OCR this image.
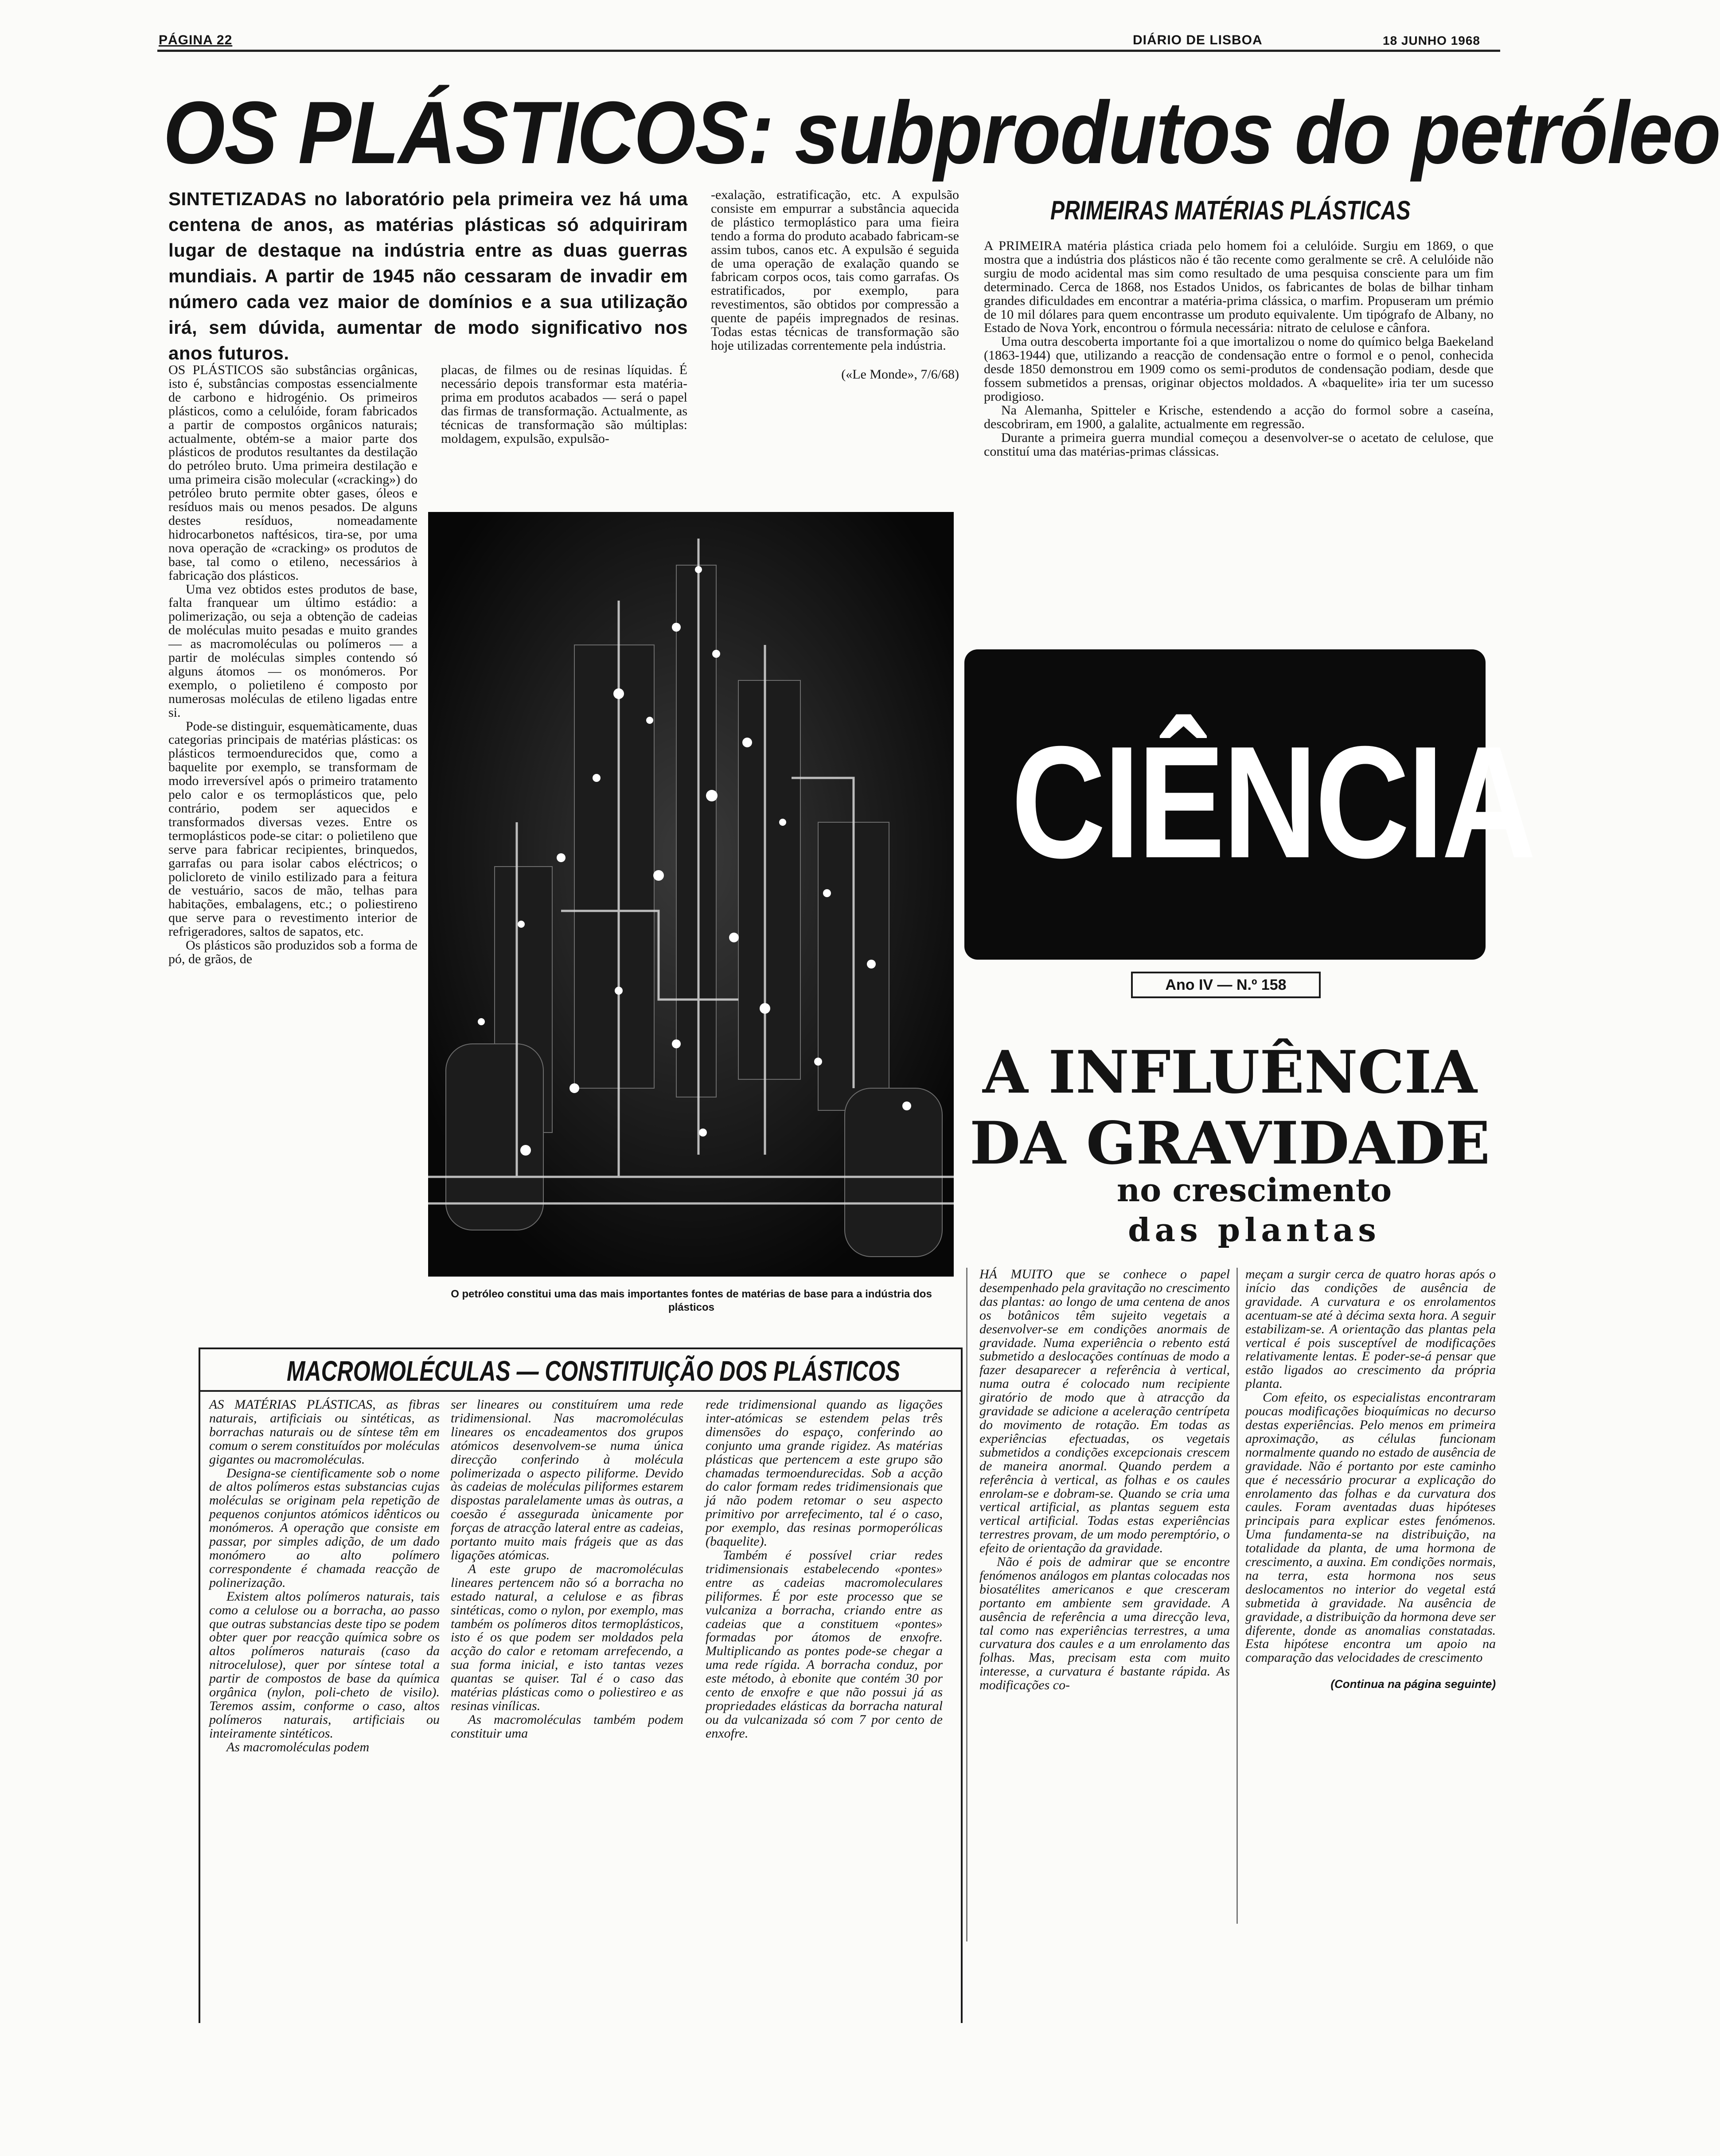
PÁGINA 22	DIÁRIO DE LISBOA	18 JUNHO 1968
OS PLÁSTICOS: subprodutos do petróleo
SINTETIZADAS no laboratório pela primeira vez há uma centena de anos, as matérias plásticas só adquiriram lugar de destaque na indústria entre as duas guerras mundiais. A partir de 1945 não cessaram de invadir em número cada vez maior de domínios e a sua utilização irá, sem dúvida, aumentar de modo significativo nos anos futuros.

OS PLÁSTICOS são substâncias orgânicas, isto é, substâncias compostas essencialmente de carbono e hidrogénio. Os primeiros plásticos, como a celulóide, foram fabricados a partir de compostos orgânicos naturais; actualmente, obtém-se a maior parte dos plásticos de produtos resultantes da destilação do petróleo bruto. Uma primeira destilação e uma primeira cisão molecular («cracking») do petróleo bruto permite obter gases, óleos e resíduos mais ou menos pesados. De alguns destes resíduos, nomeadamente hidrocarbonetos naftésicos, tira-se, por uma nova operação de «cracking» os produtos de base, tal como o etileno, necessários à fabricação dos plásticos.

Uma vez obtidos estes produtos de base, falta franquear um último estádio: a polimerização, ou seja a obtenção de cadeias de moléculas muito pesadas e muito grandes — as macromoléculas ou polímeros — a partir de moléculas simples contendo só alguns átomos — os monómeros. Por exemplo, o polietileno é composto por numerosas moléculas de etileno ligadas entre si.

Pode-se distinguir, esquemàticamente, duas categorias principais de matérias plásticas: os plásticos termoendurecidos que, como a baquelite por exemplo, se transformam de modo irreversível após o primeiro tratamento pelo calor e os termoplásticos que, pelo contrário, podem ser aquecidos e transformados diversas vezes. Entre os termoplásticos pode-se citar: o polietileno que serve para fabricar recipientes, brinquedos, garrafas ou para isolar cabos eléctricos; o policloreto de vinilo estilizado para a feitura de vestuário, sacos de mão, telhas para habitações, embalagens, etc.; o poliestireno que serve para o revestimento interior de refrigeradores, saltos de sapatos, etc.

Os plásticos são produzidos sob a forma de pó, de grãos, de

placas, de filmes ou de resinas líquidas. É necessário depois transformar esta matéria-prima em produtos acabados — será o papel das firmas de transformação. Actualmente, as técnicas de transformação são múltiplas: moldagem, expulsão, expulsão-

-exalação, estratificação, etc. A expulsão consiste em empurrar a substância aquecida de plástico termoplástico para uma fieira tendo a forma do produto acabado fabricam-se assim tubos, canos etc. A expulsão é seguida de uma operação de exalação quando se fabricam corpos ocos, tais como garrafas. Os estratificados, por exemplo, para revestimentos, são obtidos por compressão a quente de papéis impregnados de resinas. Todas estas técnicas de transformação são hoje utilizadas correntemente pela indústria.

(«Le Monde», 7/6/68)

O petróleo constitui uma das mais importantes fontes de matérias de base para a indústria dos plásticos
PRIMEIRAS MATÉRIAS PLÁSTICAS

A PRIMEIRA matéria plástica criada pelo homem foi a celulóide. Surgiu em 1869, o que mostra que a indústria dos plásticos não é tão recente como geralmente se crê. A celulóide não surgiu de modo acidental mas sim como resultado de uma pesquisa consciente para um fim determinado. Cerca de 1868, nos Estados Unidos, os fabricantes de bolas de bilhar tinham grandes dificuldades em encontrar a matéria-prima clássica, o marfim. Propuseram um prémio de 10 mil dólares para quem encontrasse um produto equivalente. Um tipógrafo de Albany, no Estado de Nova York, encontrou o fórmula necessária: nitrato de celulose e cânfora.

Uma outra descoberta importante foi a que imortalizou o nome do químico belga Baekeland (1863-1944) que, utilizando a reacção de condensação entre o formol e o penol, conhecida desde 1850 demonstrou em 1909 como os semi-produtos de condensação podiam, desde que fossem submetidos a prensas, originar objectos moldados. A «baquelite» iria ter um sucesso prodigioso.

Na Alemanha, Spitteler e Krische, estendendo a acção do formol sobre a caseína, descobriram, em 1900, a galalite, actualmente em regressão.

Durante a primeira guerra mundial começou a desenvolver-se o acetato de celulose, que constituí uma das matérias-primas clássicas.

CIÊNCIA
Ano IV — N.º 158
A INFLUÊNCIA
DA GRAVIDADE
no crescimento
das plantas

HÁ MUITO que se conhece o papel desempenhado pela gravitação no crescimento das plantas: ao longo de uma centena de anos os botânicos têm sujeito vegetais a desenvolver-se em condições anormais de gravidade. Numa experiência o rebento está submetido a deslocações contínuas de modo a fazer desaparecer a referência à vertical, numa outra é colocado num recipiente giratório de modo que à atracção da gravidade se adicione a aceleração centrípeta do movimento de rotação. Em todas as experiências efectuadas, os vegetais submetidos a condições excepcionais crescem de maneira anormal. Quando perdem a referência à vertical, as folhas e os caules enrolam-se e dobram-se. Quando se cria uma vertical artificial, as plantas seguem esta vertical artificial. Todas estas experiências terrestres provam, de um modo peremptório, o efeito de orientação da gravidade.

Não é pois de admirar que se encontre fenómenos análogos em plantas colocadas nos biosatélites americanos e que cresceram portanto em ambiente sem gravidade. A ausência de referência a uma direcção leva, tal como nas experiências terrestres, a uma curvatura dos caules e a um enrolamento das folhas. Mas, precisam esta com muito interesse, a curvatura é bastante rápida. As modificações co-

meçam a surgir cerca de quatro horas após o início das condições de ausência de gravidade. A curvatura e os enrolamentos acentuam-se até à décima sexta hora. A seguir estabilizam-se. A orientação das plantas pela vertical é pois susceptível de modificações relativamente lentas. E poder-se-á pensar que estão ligados ao crescimento da própria planta.

Com efeito, os especialistas encontraram poucas modificações bioquímicas no decurso destas experiências. Pelo menos em primeira aproximação, as células funcionam normalmente quando no estado de ausência de gravidade. Não é portanto por este caminho que é necessário procurar a explicação do enrolamento das folhas e da curvatura dos caules. Foram aventadas duas hipóteses principais para explicar estes fenómenos. Uma fundamenta-se na distribuição, na totalidade da planta, de uma hormona de crescimento, a auxina. Em condições normais, na terra, esta hormona nos seus deslocamentos no interior do vegetal está submetida à gravidade. Na ausência de gravidade, a distribuição da hormona deve ser diferente, donde as anomalias constatadas. Esta hipótese encontra um apoio na comparação das velocidades de crescimento

(Continua na página seguinte)

MACROMOLÉCULAS — CONSTITUIÇÃO DOS PLÁSTICOS

AS MATÉRIAS PLÁSTICAS, as fibras naturais, artificiais ou sintéticas, as borrachas naturais ou de síntese têm em comum o serem constituídos por moléculas gigantes ou macromoléculas.

Designa-se cientificamente sob o nome de altos polímeros estas substancias cujas moléculas se originam pela repetição de pequenos conjuntos atómicos idênticos ou monómeros. A operação que consiste em passar, por simples adição, de um dado monómero ao alto polímero correspondente é chamada reacção de polinerização.

Existem altos polímeros naturais, tais como a celulose ou a borracha, ao passo que outras substancias deste tipo se podem obter quer por reacção química sobre os altos polímeros naturais (caso da nitrocelulose), quer por síntese total a partir de compostos de base da química orgânica (nylon, poli-cheto de visilo). Teremos assim, conforme o caso, altos polímeros naturais, artificiais ou inteiramente sintéticos.

As macromoléculas podem

ser lineares ou constituírem uma rede tridimensional. Nas macromoléculas lineares os encadeamentos dos grupos atómicos desenvolvem-se numa única direcção conferindo à molécula polimerizada o aspecto piliforme. Devido às cadeias de moléculas piliformes estarem dispostas paralelamente umas às outras, a coesão é assegurada ùnicamente por forças de atracção lateral entre as cadeias, portanto muito mais frágeis que as das ligações atómicas.

A este grupo de macromoléculas lineares pertencem não só a borracha no estado natural, a celulose e as fibras sintéticas, como o nylon, por exemplo, mas também os polímeros ditos termoplásticos, isto é os que podem ser moldados pela acção do calor e retomam arrefecendo, a sua forma inicial, e isto tantas vezes quantas se quiser. Tal é o caso das matérias plásticas como o poliestireo e as resinas vinílicas.

As macromoléculas também podem constituir uma

rede tridimensional quando as ligações inter-atómicas se estendem pelas três dimensões do espaço, conferindo ao conjunto uma grande rigidez. As matérias plásticas que pertencem a este grupo são chamadas termoendurecidas. Sob a acção do calor formam redes tridimensionais que já não podem retomar o seu aspecto primitivo por arrefecimento, tal é o caso, por exemplo, das resinas pormoperólicas (baquelite).

Também é possível criar redes tridimensionais estabelecendo «pontes» entre as cadeias macromoleculares piliformes. É por este processo que se vulcaniza a borracha, criando entre as cadeias que a constituem «pontes» formadas por átomos de enxofre. Multiplicando as pontes pode-se chegar a uma rede rígida. A borracha conduz, por este método, à ebonite que contém 30 por cento de enxofre e que não possui já as propriedades elásticas da borracha natural ou da vulcanizada só com 7 por cento de enxofre.
